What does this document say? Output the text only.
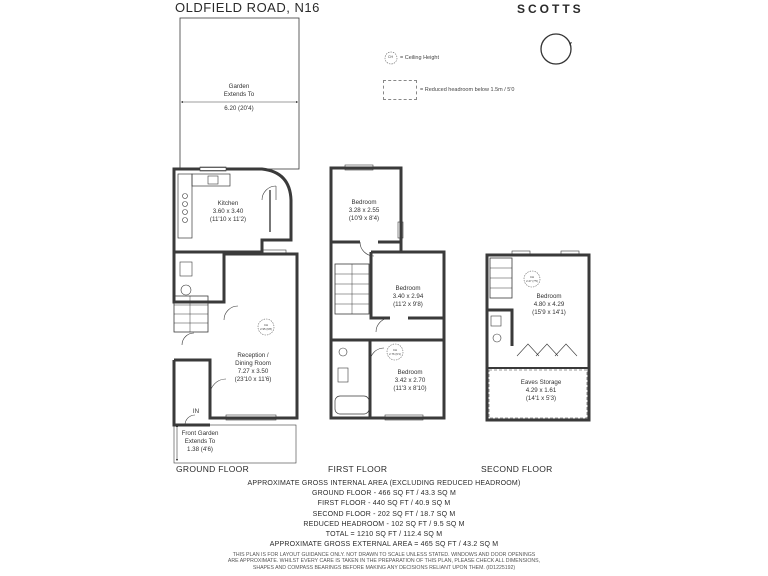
OLDFIELD ROAD, N16	SCOTTS
CH = Ceiling Height
= Reduced headroom below 1.5m / 5'0
Garden
Extends To
6.20 (20'4)
Kitchen
3.60 x 3.40
(11'10 x 11'2)
Reception /
Dining Room
7.27 x 3.50
(23'10 x 11'6)
Front Garden
Extends To
1.38 (4'6)
IN
Bedroom
3.28 x 2.55
(10'9 x 8'4)
Bedroom
3.40 x 2.94
(11'2 x 9'8)
Bedroom
3.42 x 2.70
(11'3 x 8'10)
Bedroom
4.80 x 4.29
(15'9 x 14'1)
Eaves Storage
4.29 x 1.61
(14'1 x 5'3)
CH
2.95 (9'8)
CH
2.76 (9'1)
CH
2.27 (7'5)
GROUND FLOOR	FIRST FLOOR	SECOND FLOOR
APPROXIMATE GROSS INTERNAL AREA (EXCLUDING REDUCED HEADROOM)
GROUND FLOOR - 466 SQ FT / 43.3 SQ M
FIRST FLOOR - 440 SQ FT / 40.9 SQ M
SECOND FLOOR - 202 SQ FT / 18.7 SQ M
REDUCED HEADROOM - 102 SQ FT / 9.5 SQ M
TOTAL = 1210 SQ FT / 112.4 SQ M
APPROXIMATE GROSS EXTERNAL AREA = 465 SQ FT / 43.2 SQ M
THIS PLAN IS FOR LAYOUT GUIDANCE ONLY. NOT DRAWN TO SCALE UNLESS STATED. WINDOWS AND DOOR OPENINGS
ARE APPROXIMATE. WHILST EVERY CARE IS TAKEN IN THE PREPARATION OF THIS PLAN, PLEASE CHECK ALL DIMENSIONS,
SHAPES AND COMPASS BEARINGS BEFORE MAKING ANY DECISIONS RELIANT UPON THEM. (ID1225192)
